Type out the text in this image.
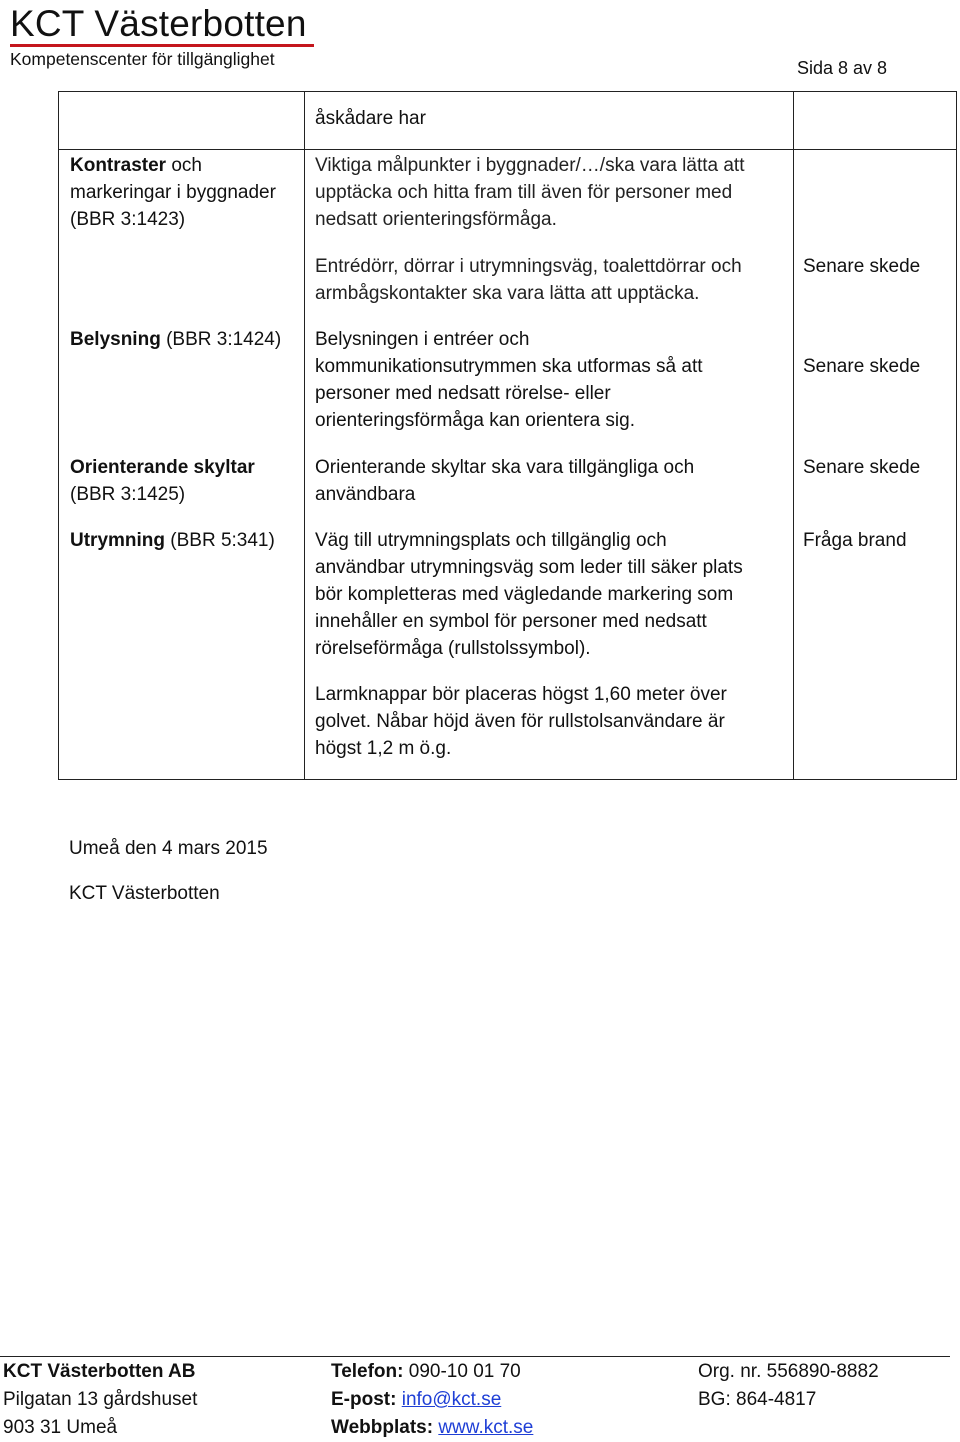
KCT Västerbotten
Kompetenscenter för tillgänglighet	Sida 8 av 8
åskådare har
Kontraster och
markeringar i byggnader
(BBR 3:1423)
Viktiga målpunkter i byggnader/…/ska vara lätta att
upptäcka och hitta fram till även för personer med
nedsatt orienteringsförmåga.
Entrédörr, dörrar i utrymningsväg, toalettdörrar och
armbågskontakter ska vara lätta att upptäcka.
Senare skede
Belysning (BBR 3:1424) Belysningen i entréer och
kommunikationsutrymmen ska utformas så att
personer med nedsatt rörelse- eller
orienteringsförmåga kan orientera sig.
Senare skede
Orienterande skyltar
(BBR 3:1425)
Orienterande skyltar ska vara tillgängliga och
användbara
Senare skede
Utrymning (BBR 5:341) Väg till utrymningsplats och tillgänglig och
användbar utrymningsväg som leder till säker plats
bör kompletteras med vägledande markering som
innehåller en symbol för personer med nedsatt
rörelseförmåga (rullstolssymbol).
Larmknappar bör placeras högst 1,60 meter över
golvet. Nåbar höjd även för rullstolsanvändare är
högst 1,2 m ö.g.
Fråga brand
Umeå den 4 mars 2015
KCT Västerbotten
KCT Västerbotten AB
Pilgatan 13 gårdshuset
903 31 Umeå
Telefon: 090-10 01 70
E-post: info@kct.se
Webbplats: www.kct.se
Org. nr. 556890-8882
BG: 864-4817
